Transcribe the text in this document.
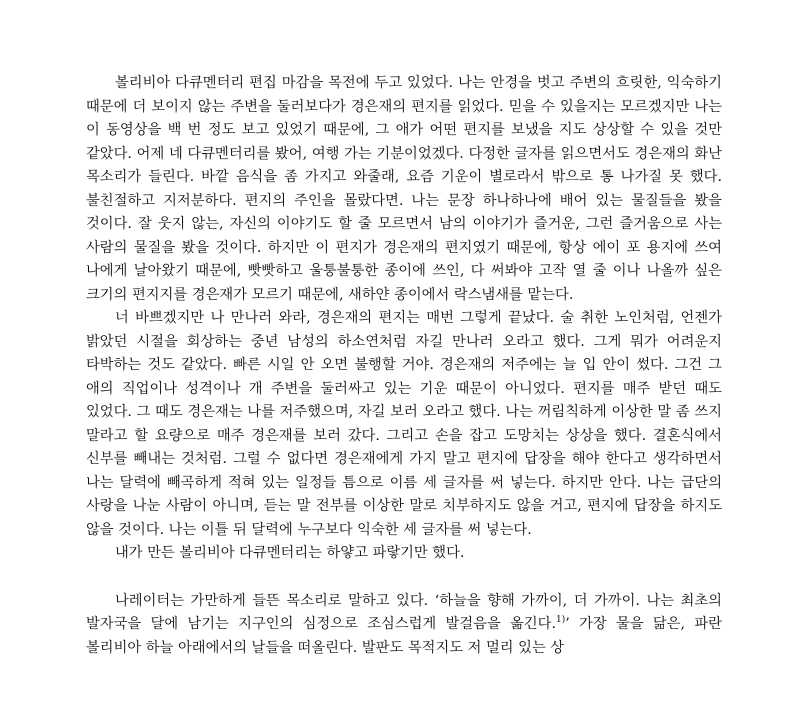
볼리비아 다큐멘터리 편집 마감을 목전에 두고 있었다. 나는 안경을 벗고 주변의 흐릿한, 익숙하기 때문에 더 보이지 않는 주변을 둘러보다가 경은재의 편지를 읽었다. 믿을 수 있을지는 모르겠지만 나는 이 동영상을 백 번 정도 보고 있었기 때문에, 그 애가 어떤 편지를 보냈을 지도 상상할 수 있을 것만 같았다. 어제 네 다큐멘터리를 봤어, 여행 가는 기분이었겠다. 다정한 글자를 읽으면서도 경은재의 화난 목소리가 들린다. 바깥 음식을 좀 가지고 와줄래, 요즘 기운이 별로라서 밖으로 통 나가질 못 했다. 불친절하고 지저분하다. 편지의 주인을 몰랐다면. 나는 문장 하나하나에 배어 있는 물질들을 봤을 것이다. 잘 웃지 않는, 자신의 이야기도 할 줄 모르면서 남의 이야기가 즐거운, 그런 즐거움으로 사는 사람의 물질을 봤을 것이다. 하지만 이 편지가 경은재의 편지였기 때문에, 항상 에이 포 용지에 쓰여 나에게 날아왔기 때문에, 빳빳하고 울퉁불퉁한 종이에 쓰인, 다 써봐야 고작 열 줄 이나 나올까 싶은 크기의 편지지를 경은재가 모르기 때문에, 새하얀 종이에서 락스냄새를 맡는다.

너 바쁘겠지만 나 만나러 와라, 경은재의 편지는 매번 그렇게 끝났다. 술 취한 노인처럼, 언젠가 밝았던 시절을 회상하는 중년 남성의 하소연처럼 자길 만나러 오라고 했다. 그게 뭐가 어려운지 타박하는 것도 같았다. 빠른 시일 안 오면 불행할 거야. 경은재의 저주에는 늘 입 안이 썼다. 그건 그 애의 직업이나 성격이나 개 주변을 둘러싸고 있는 기운 때문이 아니었다. 편지를 매주 받던 때도 있었다. 그 때도 경은재는 나를 저주했으며, 자길 보러 오라고 했다. 나는 꺼림칙하게 이상한 말 좀 쓰지 말라고 할 요량으로 매주 경은재를 보러 갔다. 그리고 손을 잡고 도망치는 상상을 했다. 결혼식에서 신부를 빼내는 것처럼. 그럴 수 없다면 경은재에게 가지 말고 편지에 답장을 해야 한다고 생각하면서 나는 달력에 빼곡하게 적혀 있는 일정들 틈으로 이름 세 글자를 써 넣는다. 하지만 안다. 나는 급단의 사랑을 나눈 사람이 아니며, 듣는 말 전부를 이상한 말로 치부하지도 않을 거고, 편지에 답장을 하지도 않을 것이다. 나는 이틀 뒤 달력에 누구보다 익숙한 세 글자를 써 넣는다.

내가 만든 볼리비아 다큐멘터리는 하얗고 파랗기만 했다.

나레이터는 가만하게 들뜬 목소리로 말하고 있다. ‘하늘을 향해 가까이, 더 가까이. 나는 최초의 발자국을 달에 남기는 지구인의 심정으로 조심스럽게 발걸음을 옮긴다.$^{1)}$’ 가장 물을 닮은, 파란 볼리비아 하늘 아래에서의 날들을 떠올린다. 발판도 목적지도 저 멀리 있는 상
